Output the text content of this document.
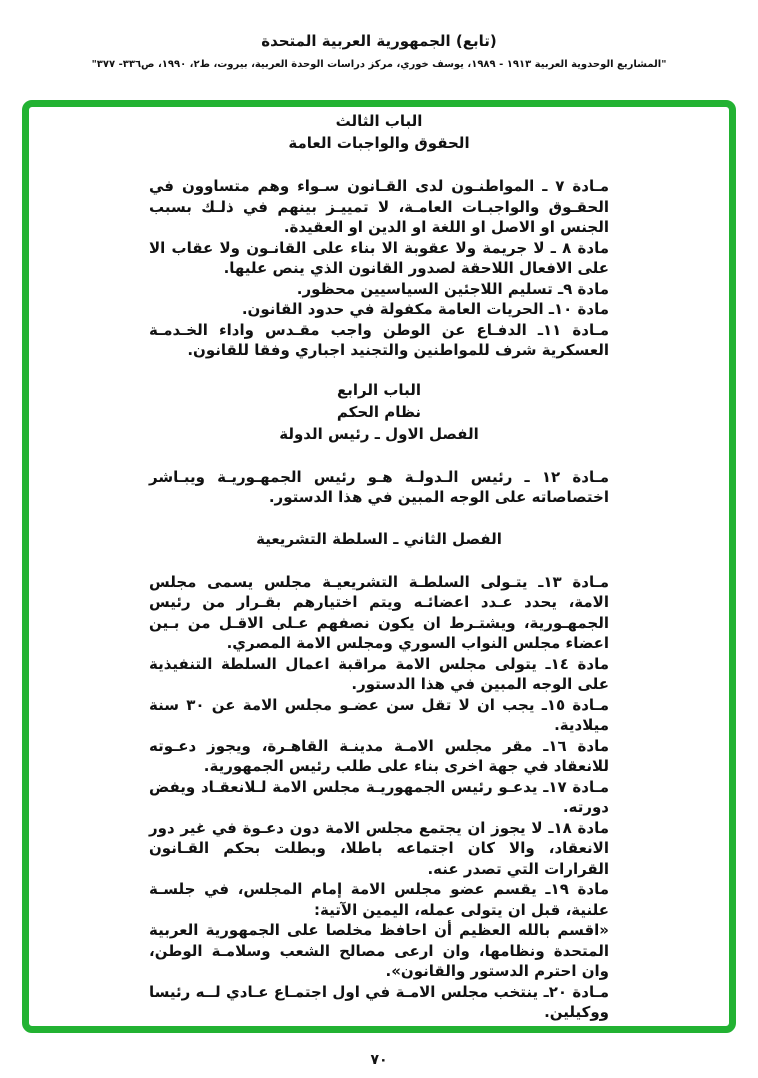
(تابع) الجمهورية العربية المتحدة
"المشاريع الوحدوية العربية ١٩١٣ - ١٩٨٩، يوسف خوري، مركز دراسات الوحدة العربية، بيروت، ط٢، ١٩٩٠، ص٣٣٦- ٣٧٧"
الباب الثالث
الحقوق والواجبات العامة

مـادة ٧ ـ المواطنـون لدى القـانون سـواء وهم متساوون في الحقـوق والواجبـات العامـة، لا تمييـز بينهم في ذلـك بسبب الجنس او الاصل او اللغة او الدين او العقيدة.

مادة ٨ ـ لا جريمة ولا عقوبة الا بناء على القانـون ولا عقاب الا على الافعال اللاحقة لصدور القانون الذي ينص عليها.

مادة ٩ـ تسليم اللاجئين السياسيين محظور.

مادة ١٠ـ الحريات العامة مكفولة في حدود القانون.

مـادة ١١ـ الدفـاع عن الوطن واجب مقـدس واداء الخـدمـة العسكرية شرف للمواطنين والتجنيد اجباري وفقا للقانون.

الباب الرابع
نظام الحكم
الفصل الاول ـ رئيس الدولة

مـادة ١٢ ـ رئيس الـدولـة هـو رئيس الجمهـوريـة ويبـاشر اختصاصاته على الوجه المبين في هذا الدستور.

الفصل الثاني ـ السلطة التشريعية

مـادة ١٣ـ يتـولى السلطـة التشريعيـة مجلس يسمى مجلس الامة، يحدد عـدد اعضائـه ويتم اختيارهم بقـرار من رئيس الجمهـورية، ويشتـرط ان يكون نصفهم عـلى الاقـل من بـين اعضاء مجلس النواب السوري ومجلس الامة المصري.

مادة ١٤ـ يتولى مجلس الامة مراقبة اعمال السلطة التنفيذية على الوجه المبين في هذا الدستور.

مـادة ١٥ـ يجب ان لا تقل سن عضـو مجلس الامة عن ٣٠ سنة ميلادية.

مادة ١٦ـ مقر مجلس الامـة مدينـة القاهـرة، ويجوز دعـوته للانعقاد في جهة اخرى بناء على طلب رئيس الجمهورية.

مـادة ١٧ـ يدعـو رئيس الجمهوريـة مجلس الامة لـلانعقـاد ويفض دورته.

مادة ١٨ـ لا يجوز ان يجتمع مجلس الامة دون دعـوة في غير دور الانعقاد، والا كان اجتماعه باطلا، وبطلت بحكم القـانون القرارات التي تصدر عنه.

مادة ١٩ـ يقسم عضو مجلس الامة إمام المجلس، في جلسـة علنية، قبل ان يتولى عمله، اليمين الآتية:

«اقسم بالله العظيم أن احافظ مخلصا على الجمهورية العربية المتحدة ونظامها، وان ارعى مصالح الشعب وسلامـة الوطن، وان احترم الدستور والقانون».

مـادة ٢٠ـ ينتخب مجلس الامـة في اول اجتمـاع عـادي لــه رئيسا ووكيلين.

٧٠
